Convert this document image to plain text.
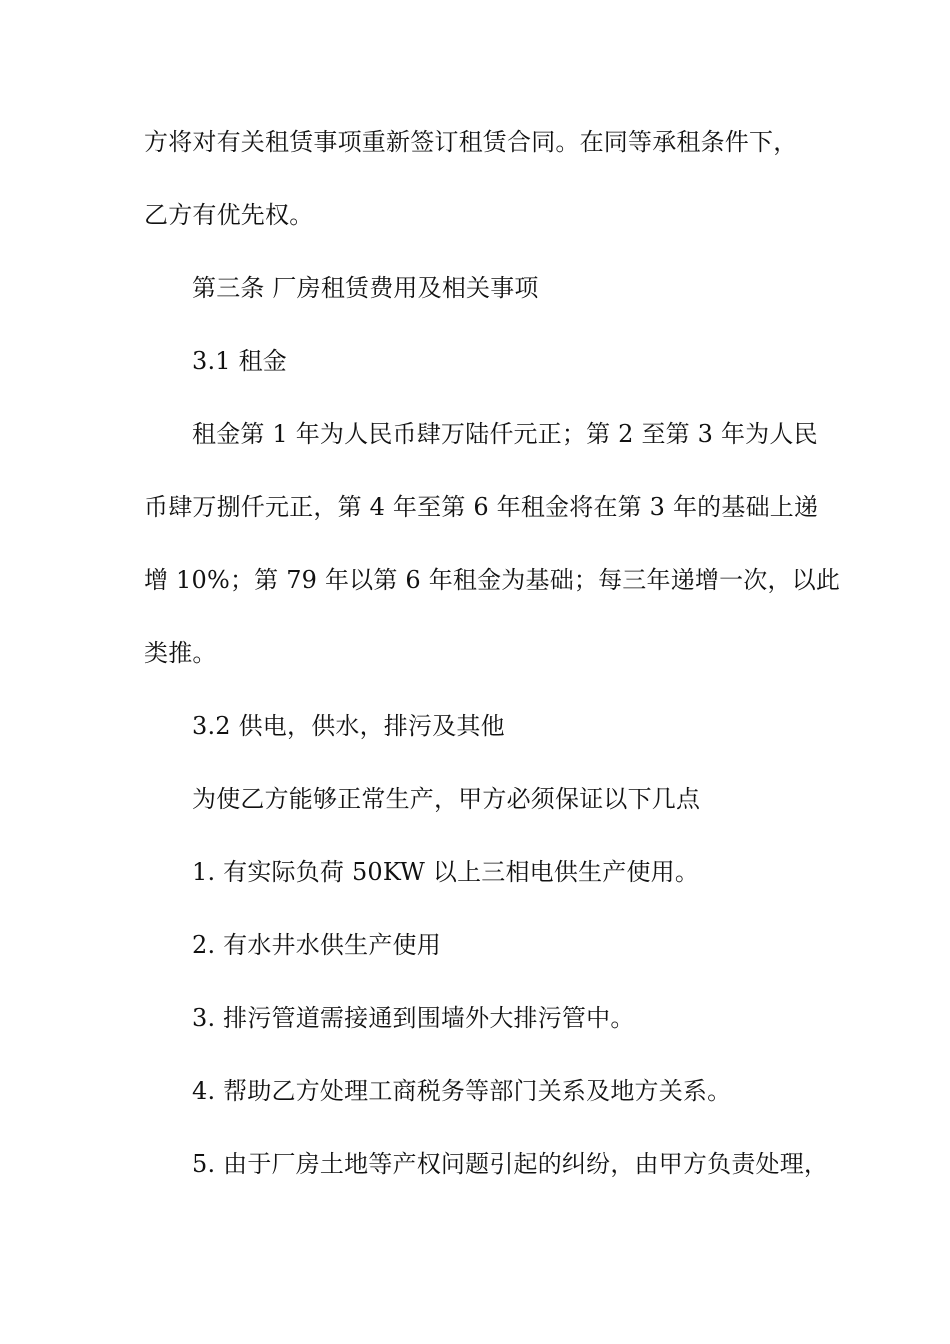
方将对有关租赁事项重新签订租赁合同。在同等承租条件下，
乙方有优先权。
第三条 厂房租赁费用及相关事项
3.1 租金
租金第 1 年为人民币肆万陆仟元正；第 2 至第 3 年为人民
币肆万捌仟元正，第 4 年至第 6 年租金将在第 3 年的基础上递
增 10%；第 79 年以第 6 年租金为基础；每三年递增一次，以此
类推。
3.2 供电，供水，排污及其他
为使乙方能够正常生产，甲方必须保证以下几点
1. 有实际负荷 50KW 以上三相电供生产使用。
2. 有水井水供生产使用
3. 排污管道需接通到围墙外大排污管中。
4. 帮助乙方处理工商税务等部门关系及地方关系。
5. 由于厂房土地等产权问题引起的纠纷，由甲方负责处理，
